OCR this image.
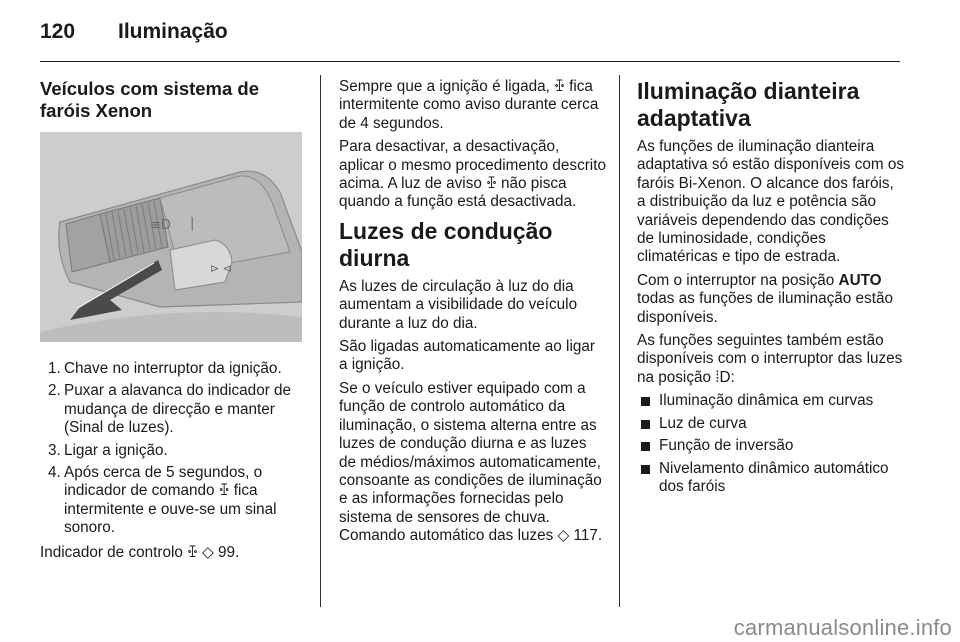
120 Iluminação
Veículos com sistema de faróis Xenon
≡D |
⊳ ⊲
1. Chave no interruptor da ignição.
2. Puxar a alavanca do indicador de mudança de direcção e manter (Sinal de luzes).
3. Ligar a ignição.
4. Após cerca de 5 segundos, o indicador de comando ꔀ fica intermitente e ouve-se um sinal sonoro.

Indicador de controlo ꔀ ◇ 99.

Sempre que a ignição é ligada, ꔀ fica intermitente como aviso durante cerca de 4 segundos.

Para desactivar, a desactivação, aplicar o mesmo procedimento descrito acima. A luz de aviso ꔀ não pisca quando a função está desactivada.

Luzes de condução diurna

As luzes de circulação à luz do dia aumentam a visibilidade do veículo durante a luz do dia.

São ligadas automaticamente ao ligar a ignição.

Se o veículo estiver equipado com a função de controlo automático da iluminação, o sistema alterna entre as luzes de condução diurna e as luzes de médios/máximos automaticamente, consoante as condições de iluminação e as informações fornecidas pelo sistema de sensores de chuva. Comando automático das luzes ◇ 117.

Iluminação dianteira adaptativa

As funções de iluminação dianteira adaptativa só estão disponíveis com os faróis Bi-Xenon. O alcance dos faróis, a distribuição da luz e potência são variáveis dependendo das condições de luminosidade, condições climatéricas e tipo de estrada.

Com o interruptor na posição AUTO todas as funções de iluminação estão disponíveis.

As funções seguintes também estão disponíveis com o interruptor das luzes na posição ⁞D:

Iluminação dinâmica em curvas
Luz de curva
Função de inversão
Nivelamento dinâmico automático dos faróis
carmanualsonline.info
